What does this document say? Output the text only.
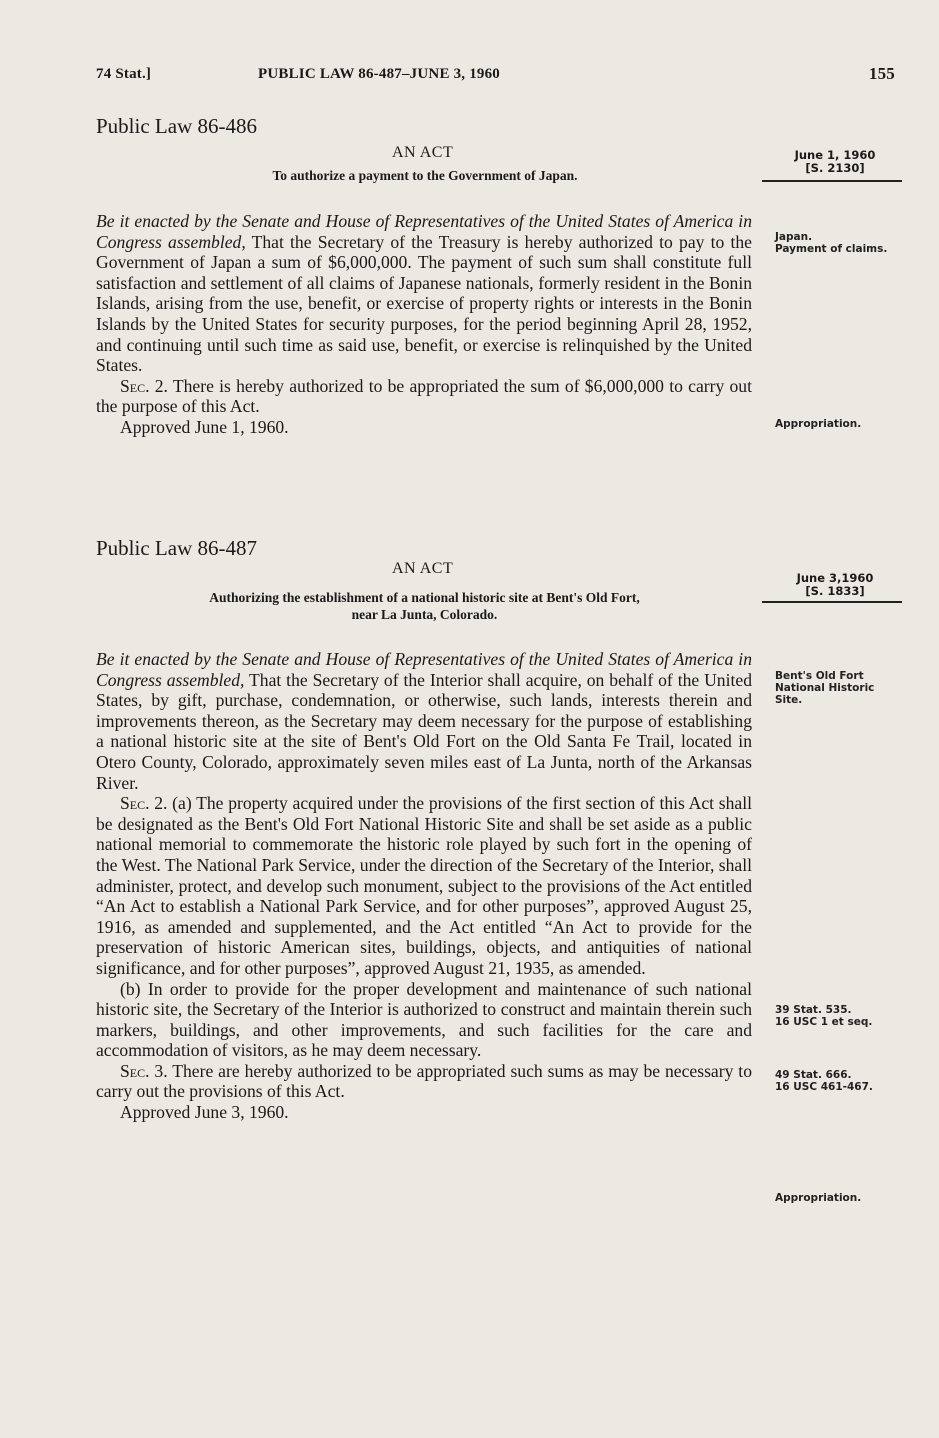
74 Stat.]	PUBLIC LAW 86-487–JUNE 3, 1960	155
Public Law 86-486
AN ACT
To authorize a payment to the Government of Japan.
June 1, 1960
[S. 2130]

Be it enacted by the Senate and House of Representatives of the United States of America in Congress assembled, That the Secretary of the Treasury is hereby authorized to pay to the Government of Japan a sum of $6,000,000. The payment of such sum shall constitute full satisfaction and settlement of all claims of Japanese nationals, formerly resident in the Bonin Islands, arising from the use, benefit, or exercise of property rights or interests in the Bonin Islands by the United States for security purposes, for the period beginning April 28, 1952, and continuing until such time as said use, benefit, or exercise is relinquished by the United States.

Sec. 2. There is hereby authorized to be appropriated the sum of $6,000,000 to carry out the purpose of this Act.

Approved June 1, 1960.

Japan.
Payment of claims.
Appropriation.
Public Law 86-487
AN ACT
Authorizing the establishment of a national historic site at Bent's Old Fort,
near La Junta, Colorado.
June 3,1960
[S. 1833]

Be it enacted by the Senate and House of Representatives of the United States of America in Congress assembled, That the Secretary of the Interior shall acquire, on behalf of the United States, by gift, purchase, condemnation, or otherwise, such lands, interests therein and improvements thereon, as the Secretary may deem necessary for the purpose of establishing a national historic site at the site of Bent's Old Fort on the Old Santa Fe Trail, located in Otero County, Colorado, approximately seven miles east of La Junta, north of the Arkansas River.

Sec. 2. (a) The property acquired under the provisions of the first section of this Act shall be designated as the Bent's Old Fort National Historic Site and shall be set aside as a public national memorial to commemorate the historic role played by such fort in the opening of the West. The National Park Service, under the direction of the Secretary of the Interior, shall administer, protect, and develop such monument, subject to the provisions of the Act entitled “An Act to establish a National Park Service, and for other purposes”, approved August 25, 1916, as amended and supplemented, and the Act entitled “An Act to provide for the preservation of historic American sites, buildings, objects, and antiquities of national significance, and for other purposes”, approved August 21, 1935, as amended.

(b) In order to provide for the proper development and maintenance of such national historic site, the Secretary of the Interior is authorized to construct and maintain therein such markers, buildings, and other improvements, and such facilities for the care and accommodation of visitors, as he may deem necessary.

Sec. 3. There are hereby authorized to be appropriated such sums as may be necessary to carry out the provisions of this Act.

Approved June 3, 1960.

Bent's Old Fort National Historic Site.
39 Stat. 535.
16 USC 1 et seq.
49 Stat. 666.
16 USC 461-467.
Appropriation.
